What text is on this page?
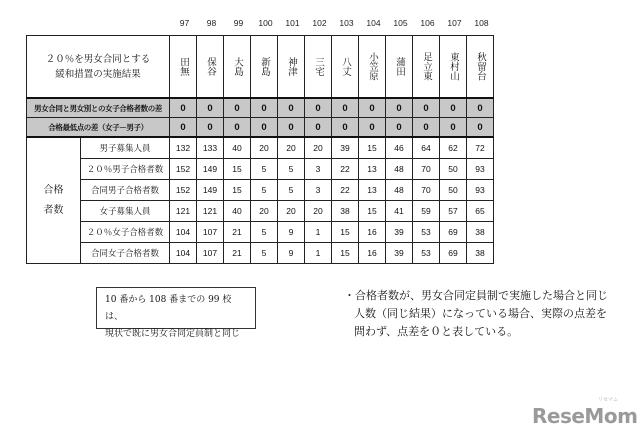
97	98	99	100	101	102	103	104	105	106	107	108
２０％を男女合同とする
緩和措置の実施結果		田無	保谷	大島	新島	神津	三宅	八丈	小笠原	蒲田	足立東	東村山	秋留台

男女合同と男女別との女子合格者数の差		0	0	0	0	0	0	0	0	0	0	0	0
合格最低点の差（女子－男子）		0	0	0	0	0	0	0	0	0	0	0	0

合格者数	男子募集人員	132	133	40	20	20	20	39	15	46	64	62	72
	２０％男子合格者数	152	149	15	5	5	3	22	13	48	70	50	93
	合同男子合格者数	152	149	15	5	5	3	22	13	48	70	50	93
	女子募集人員	121	121	40	20	20	20	38	15	41	59	57	65
	２０％女子合格者数	104	107	21	5	9	1	15	16	39	53	69	38
	合同女子合格者数	104	107	21	5	9	1	15	16	39	53	69	38
10 番から 108 番までの 99 校は、
現状で既に男女合同定員制と同じ

・合格者数が、男女合同定員制で実施した場合と同じ

人数（同じ結果）になっている場合、実際の点差を

問わず、点差を０と表している。

リセマム
ReseMom
